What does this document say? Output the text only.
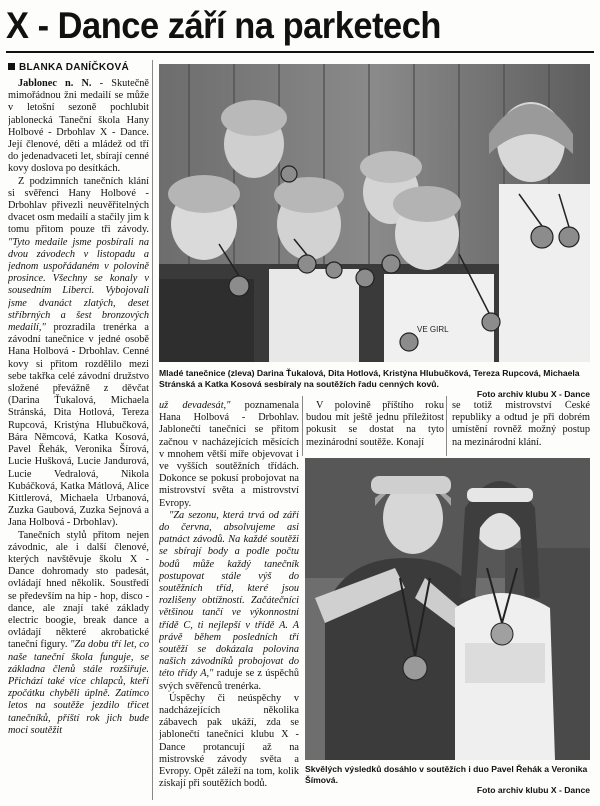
X - Dance září na parketech
BLANKA DANÍČKOVÁ

Jablonec n. N. - Skutečně mimořádnou žni medailí se může v letošní sezoně pochlubit jablonecká Taneční škola Hany Holbové - Drbohlav X - Dance. Její členové, děti a mládež od tří do jedenadvaceti let, sbírají cenné kovy doslova po desítkách.

Z podzimních tanečních klání si svěřenci Hany Holbové - Drbohlav přivezli neuvěřitelných dvacet osm medailí a stačily jim k tomu přitom pouze tři závody. "Tyto medaile jsme posbírali na dvou závodech v listopadu a jednom uspořádaném v polovině prosince. Všechny se konaly v sousedním Liberci. Vybojovali jsme dvanáct zlatých, deset stříbrných a šest bronzových medailí," prozradila trenérka a závodní tanečnice v jedné osobě Hana Holbová - Drbohlav. Cenné kovy si přitom rozdělilo mezi sebe takřka celé závodní družstvo složené převážně z děvčat (Darina Ťukalová, Michaela Stránská, Dita Hotlová, Tereza Rupcová, Kristýna Hlubučková, Bára Němcová, Katka Kosová, Pavel Řehák, Veronika Šírová, Lucie Hušková, Lucie Jandurová, Lucie Vedralová, Nikola Kubáčková, Katka Mátlová, Alice Kittlerová, Michaela Urbanová, Zuzka Gaubová, Zuzka Sejnová a Jana Holbová - Drbohlav).

Tanečních stylů přitom nejen závodnic, ale i další členové, kterých navštěvuje školu X -Dance dohromady sto padesát, ovládají hned několik. Soustředí se především na hip - hop, disco - dance, ale znají také základy electric boogie, break dance a ovládají některé akrobatické taneční figury. "Za dobu tří let, co naše taneční škola funguje, se základna členů stále rozšiřuje. Přichází také více chlapců, kteří zpočátku chyběli úplně. Zatímco letos na soutěže jezdilo třicet tanečníků, příští rok jich bude moci soutěžit

VE GIRL
Mladé tanečnice (zleva) Darina Ťukalová, Dita Hotlová, Kristýna Hlubučková, Tereza Rupcová, Michaela Stránská a Katka Kosová sesbíraly na soutěžích řadu cenných kovů.
Foto archiv klubu X - Dance

už devadesát," poznamenala Hana Holbová - Drbohlav. Jablonečtí tanečníci se přitom začnou v nacházejících měsících v mnohem větší míře objevovat i ve vyšších soutěžních třídách. Dokonce se pokusí probojovat na mistrovství světa a mistrovství Evropy.

"Za sezonu, která trvá od září do června, absolvujeme asi patnáct závodů. Na každé soutěži se sbírají body a podle počtu bodů může každý tanečník postupovat stále výš do soutěžních tříd, které jsou rozlišeny obtížností. Začátečníci většinou tančí ve výkonnostní třídě C, ti nejlepší v třídě A. A právě během posledních tří soutěží se dokázala polovina našich závodníků probojovat do této třídy A," raduje se z úspěchů svých svěřenců trenérka.

Úspěchy či neúspěchy v nadcházejících několika zábavech pak ukáží, zda se jablonečtí tanečníci klubu X - Dance protancují až na mistrovské závody světa a Evropy. Opět záleží na tom, kolik získají při soutěžích bodů.

V polovině příštího roku budou mít ještě jednu příležitost pokusit se dostat na tyto mezinárodní soutěže. Konají

se totiž mistrovství České republiky a odtud je při dobrém umístění rovněž možný postup na mezinárodní klání.

Skvělých výsledků dosáhlo v soutěžích i duo Pavel Řehák a Veronika Šímová.
Foto archiv klubu X - Dance
